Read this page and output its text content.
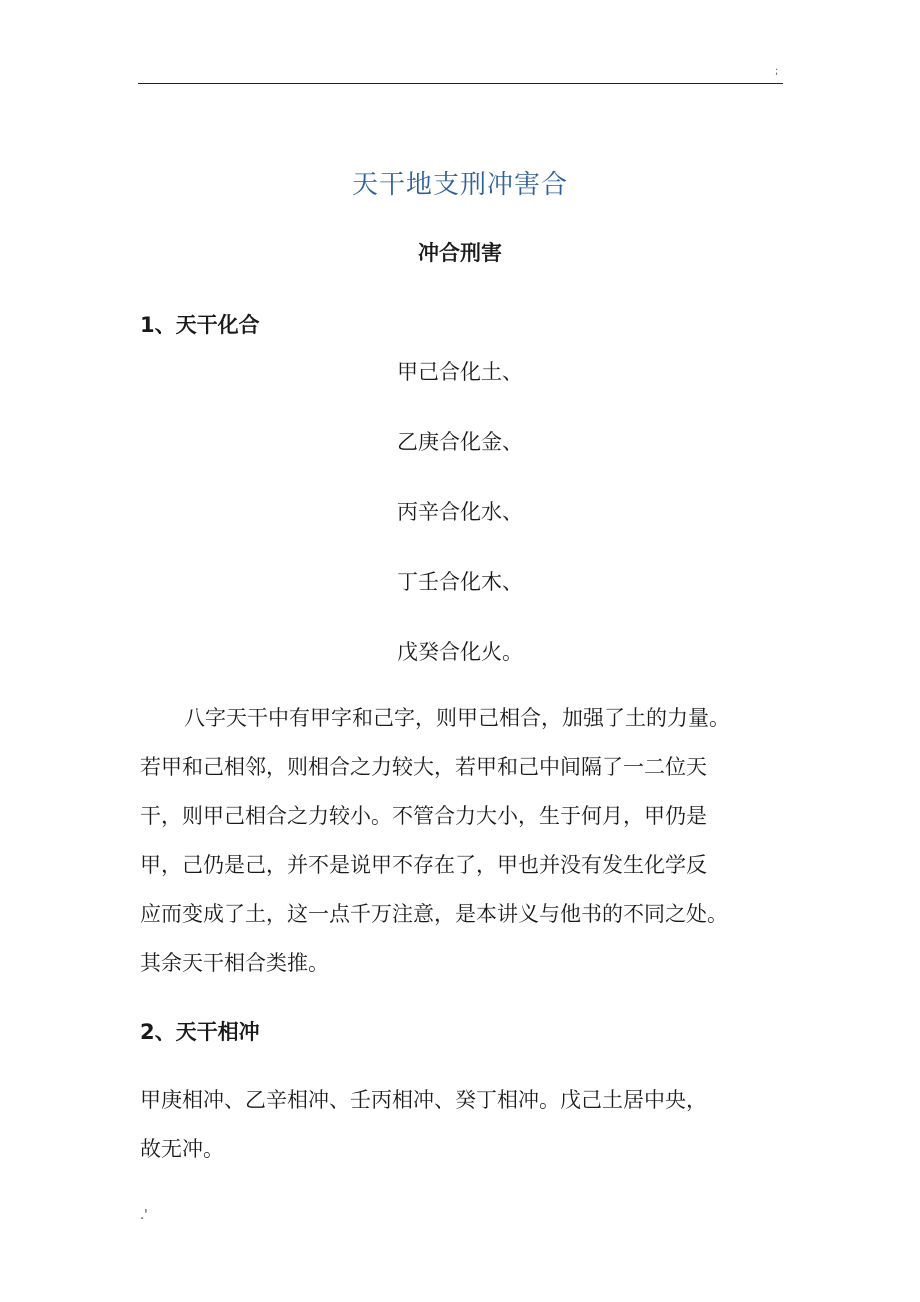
;
天干地支刑冲害合
冲合刑害
1、天干化合
甲己合化土、
乙庚合化金、
丙辛合化水、
丁壬合化木、
戊癸合化火。
八字天干中有甲字和己字，则甲己相合，加强了土的力量。
若甲和己相邻，则相合之力较大，若甲和己中间隔了一二位天
干，则甲己相合之力较小。不管合力大小，生于何月，甲仍是
甲，己仍是己，并不是说甲不存在了，甲也并没有发生化学反
应而变成了土，这一点千万注意，是本讲义与他书的不同之处。
其余天干相合类推。
2、天干相冲
甲庚相冲、乙辛相冲、壬丙相冲、癸丁相冲。戊己土居中央，
故无冲。
.'
